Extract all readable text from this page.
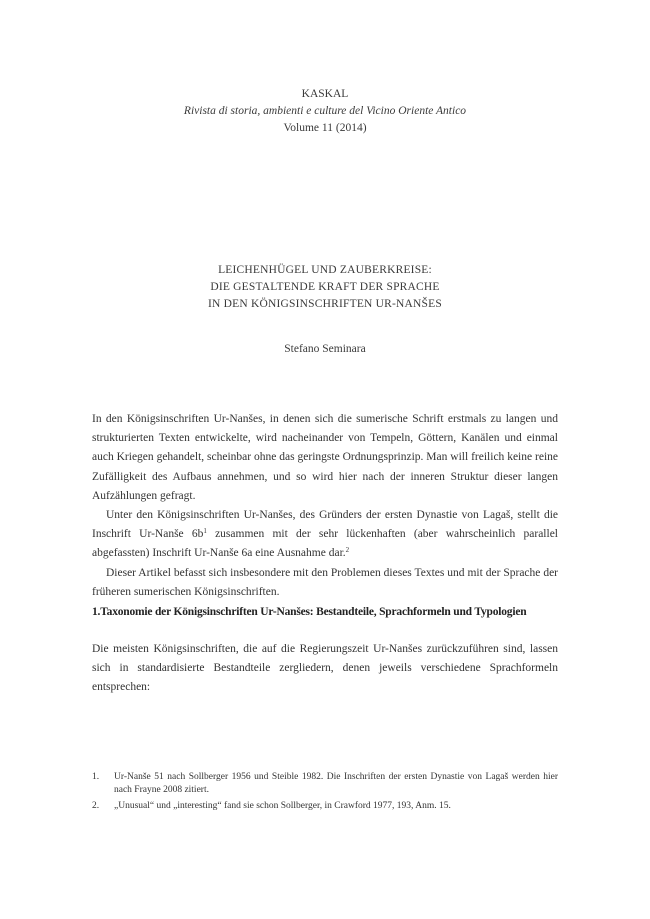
KASKAL
Rivista di storia, ambienti e culture del Vicino Oriente Antico
Volume 11 (2014)
LEICHENHÜGEL UND ZAUBERKREISE:
DIE GESTALTENDE KRAFT DER SPRACHE
IN DEN KÖNIGSINSCHRIFTEN UR-NANŠES
Stefano Seminara

In den Königsinschriften Ur-Nanšes, in denen sich die sumerische Schrift erstmals zu langen und strukturierten Texten entwickelte, wird nacheinander von Tempeln, Göttern, Kanälen und einmal auch Kriegen gehandelt, scheinbar ohne das geringste Ordnungsprinzip. Man will freilich keine reine Zufälligkeit des Aufbaus annehmen, und so wird hier nach der inneren Struktur dieser langen Aufzählungen gefragt.

Unter den Königsinschriften Ur-Nanšes, des Gründers der ersten Dynastie von Lagaš, stellt die Inschrift Ur-Nanše $6b^1$ zusammen mit der sehr lückenhaften (aber wahrscheinlich parallel abgefassten) Inschrift Ur-Nanše 6a eine Ausnahme dar.$^2$

Dieser Artikel befasst sich insbesondere mit den Problemen dieses Textes und mit der Sprache der früheren sumerischen Königsinschriften.

1.Taxonomie der Königsinschriften Ur-Nanšes: Bestandteile, Sprachformeln und Typologien

Die meisten Königsinschriften, die auf die Regierungszeit Ur-Nanšes zurückzuführen sind, lassen sich in standardisierte Bestandteile zergliedern, denen jeweils verschiedene Sprachformeln entsprechen:

1.	Ur-Nanše 51 nach Sollberger 1956 und Steible 1982. Die Inschriften der ersten Dynastie von Lagaš werden hier nach Frayne 2008 zitiert.
2.	„Unusual“ und „interesting“ fand sie schon Sollberger, in Crawford 1977, 193, Anm. 15.
